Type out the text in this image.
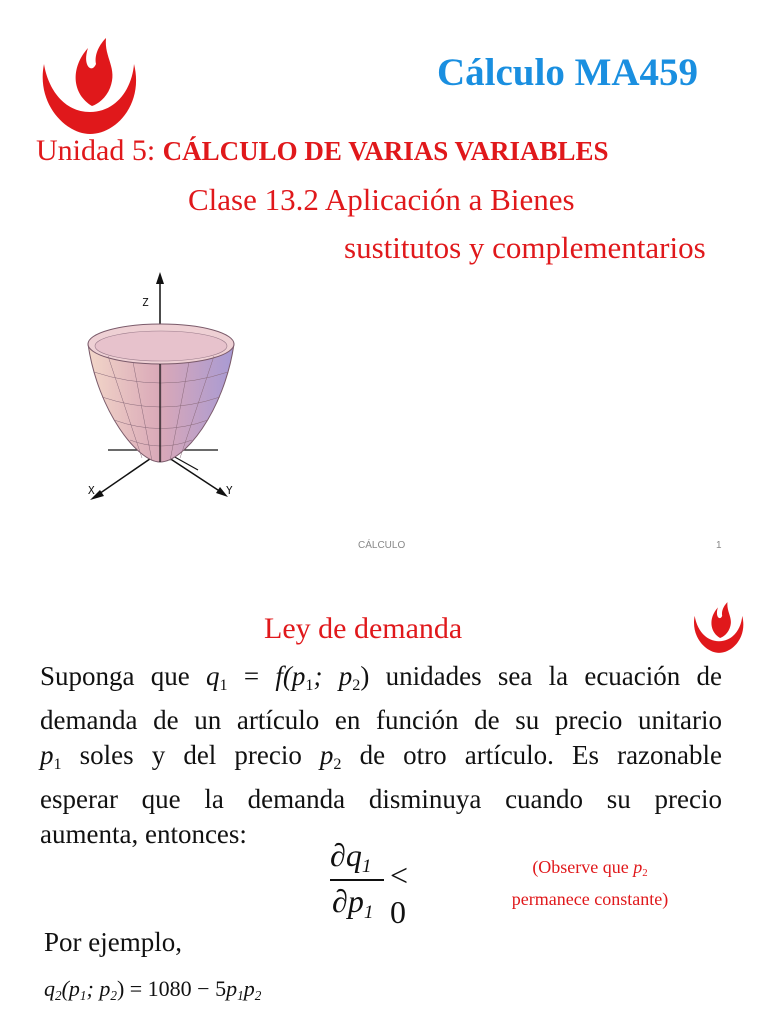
Cálculo MA459
Unidad 5: CÁLCULO DE VARIAS VARIABLES
Clase 13.2 Aplicación a Bienes
sustitutos y complementarios
Z
X	Y
CÁLCULO	1
Ley de demanda
Suponga que $q_1 = f(p_1$; $p_2$) unidades sea la ecuación de
demanda de un artículo en función de su precio unitario
$p_1$ soles y del precio $p_2$ de otro artículo. Es razonable
esperar que la demanda disminuya cuando su precio
aumenta, entonces:
$\partial q_1$
$\partial p_1$
< 0
(Observe que $p_2$
permanece constante)
Por ejemplo,
$q_2(p_1$; $p_2) = 1080 - 5p_1p_2$
